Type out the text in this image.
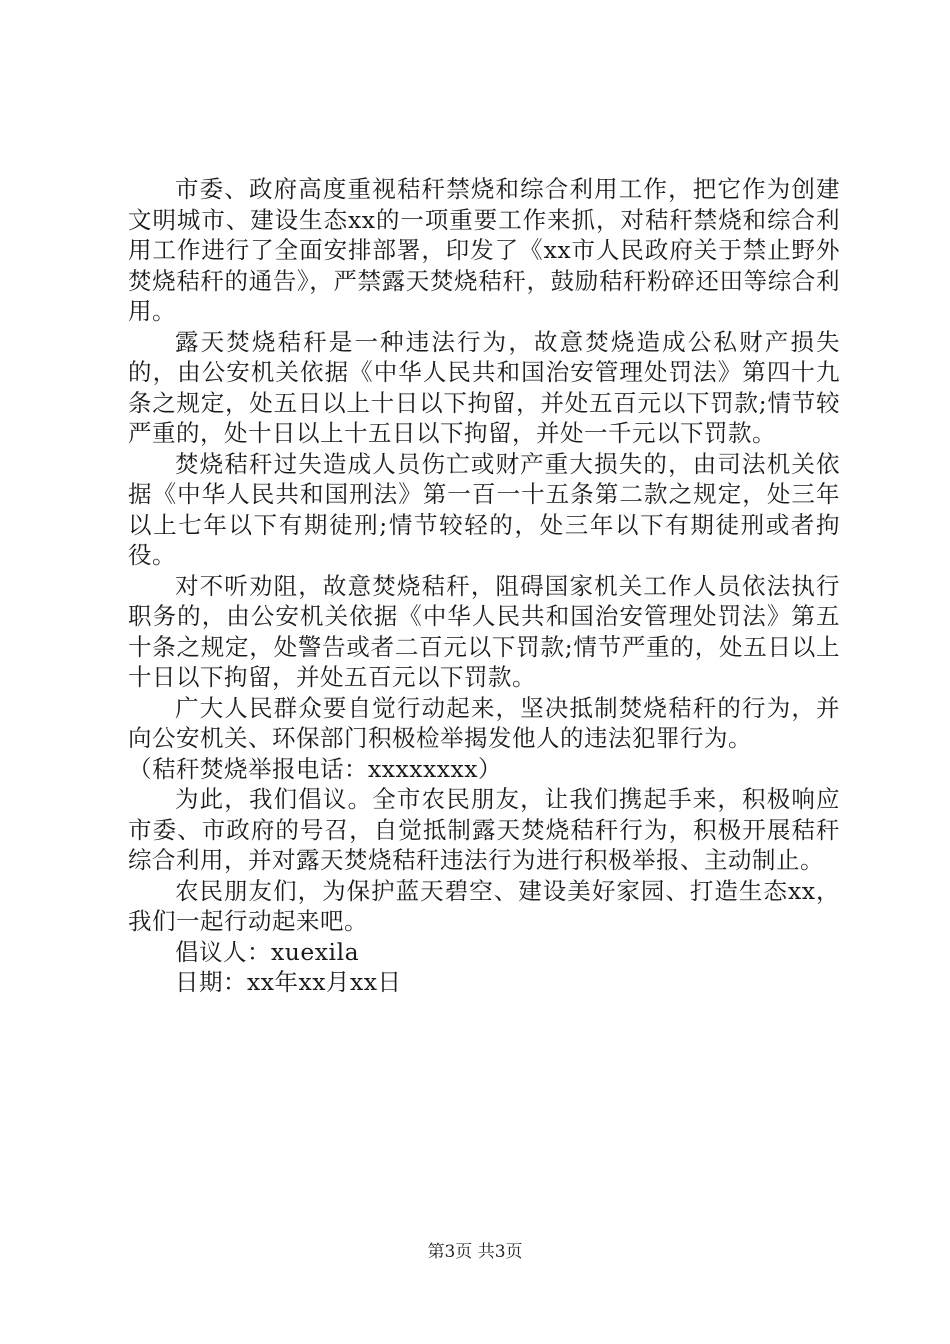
市委、政府高度重视秸秆禁烧和综合利用工作，把它作为创建文明城市、建设生态xx的一项重要工作来抓，对秸秆禁烧和综合利用工作进行了全面安排部署，印发了《xx市人民政府关于禁止野外焚烧秸秆的通告》，严禁露天焚烧秸秆，鼓励秸秆粉碎还田等综合利用。

露天焚烧秸秆是一种违法行为，故意焚烧造成公私财产损失的，由公安机关依据《中华人民共和国治安管理处罚法》第四十九条之规定，处五日以上十日以下拘留，并处五百元以下罚款;情节较严重的，处十日以上十五日以下拘留，并处一千元以下罚款。

焚烧秸秆过失造成人员伤亡或财产重大损失的，由司法机关依据《中华人民共和国刑法》第一百一十五条第二款之规定，处三年以上七年以下有期徒刑;情节较轻的，处三年以下有期徒刑或者拘役。

对不听劝阻，故意焚烧秸秆，阻碍国家机关工作人员依法执行职务的，由公安机关依据《中华人民共和国治安管理处罚法》第五十条之规定，处警告或者二百元以下罚款;情节严重的，处五日以上十日以下拘留，并处五百元以下罚款。

广大人民群众要自觉行动起来，坚决抵制焚烧秸秆的行为，并向公安机关、环保部门积极检举揭发他人的违法犯罪行为。

（秸秆焚烧举报电话：xxxxxxxx）

为此，我们倡议。全市农民朋友，让我们携起手来，积极响应市委、市政府的号召，自觉抵制露天焚烧秸秆行为，积极开展秸秆综合利用，并对露天焚烧秸秆违法行为进行积极举报、主动制止。

农民朋友们，为保护蓝天碧空、建设美好家园、打造生态xx，我们一起行动起来吧。

倡议人：xuexila

日期：xx年xx月xx日

第3页 共3页
